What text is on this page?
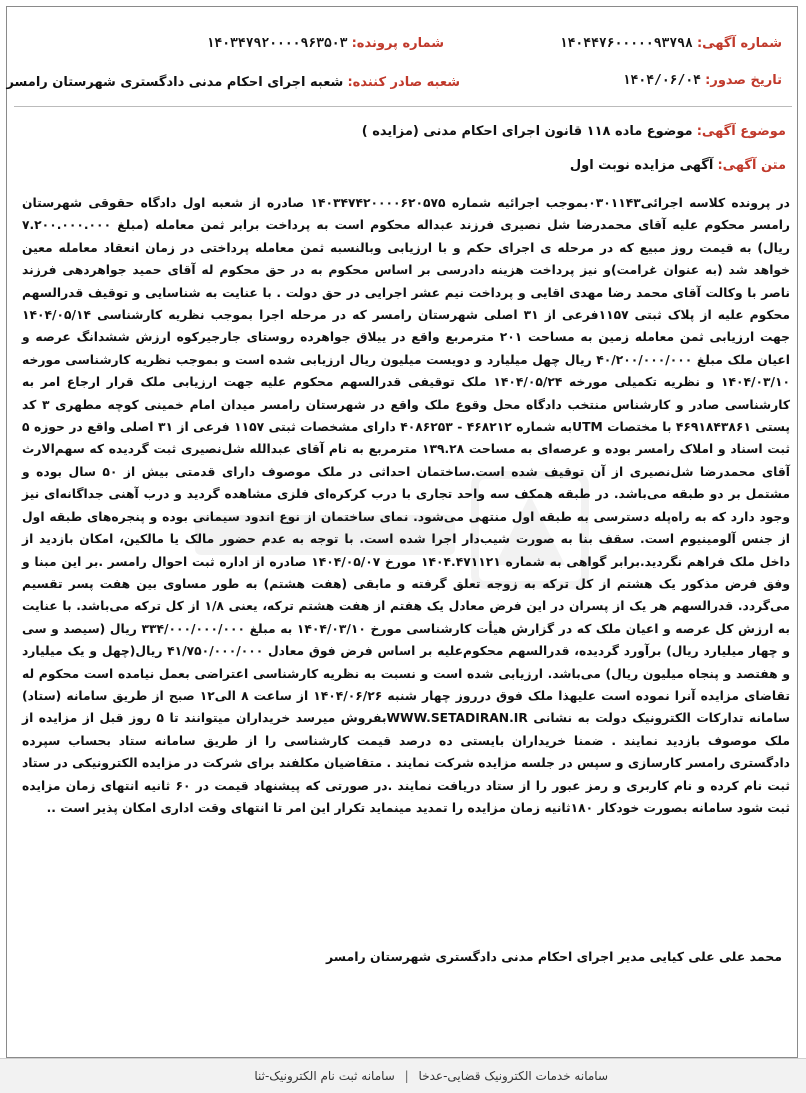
شماره آگهی: ۱۴۰۴۴۷۶۰۰۰۰۰۹۳۷۹۸
شماره پرونده: ۱۴۰۳۴۷۹۲۰۰۰۰۹۶۳۵۰۳
تاریخ صدور: ۱۴۰۴/۰۶/۰۴
شعبه صادر کننده: شعبه اجرای احکام مدنی دادگستری شهرستان رامسر
موضوع آگهی: موضوع ماده ۱۱۸ قانون اجرای احکام مدنی (مزایده )
متن آگهی: آگهی مزایده نوبت اول
در پرونده کلاسه اجرائی۰۳۰۱۱۴۳بموجب اجرائیه شماره ۱۴۰۳۴۷۴۲۰۰۰۰۶۲۰۵۷۵ صادره از شعبه اول دادگاه حقوقی شهرستان رامسر محکوم علیه آقای محمدرضا شل نصیری فرزند عبداله محکوم است به پرداخت برابر ثمن معامله (مبلغ ۷.۲۰۰.۰۰۰.۰۰۰ ریال) به قیمت روز مبیع که در مرحله ی اجرای حکم و با ارزیابی وبالنسبه ثمن معامله پرداختی در زمان انعقاد معامله معین خواهد شد (به عنوان غرامت)و نیز پرداخت هزینه دادرسی بر اساس محکوم به در حق محکوم له آقای حمید جواهردهی فرزند ناصر با وکالت آقای محمد رضا مهدی اقایی و پرداخت نیم عشر اجرایی در حق دولت . با عنایت به شناسایی و توقیف قدرالسهم محکوم علیه از پلاک ثبتی ۱۱۵۷فرعی از ۳۱ اصلی شهرستان رامسر که در مرحله اجرا بموجب نظریه کارشناسی ۱۴۰۴/۰۵/۱۴ جهت ارزیابی ثمن معامله زمین به مساحت ۲۰۱ مترمربع واقع در ییلاق جواهرده روستای جارجیرکوه ارزش ششدانگ عرصه و اعیان ملک مبلغ ۴۰/۲۰۰/۰۰۰/۰۰۰ ریال چهل میلیارد و دویست میلیون ریال ارزیابی شده است و بموجب نظریه کارشناسی مورخه ۱۴۰۴/۰۳/۱۰ و نظریه تکمیلی مورخه ۱۴۰۴/۰۵/۲۴ ملک توقیفی قدرالسهم محکوم علیه جهت ارزیابی ملک قرار ارجاع امر به کارشناسی صادر و کارشناس منتخب دادگاه محل وقوع ملک واقع در شهرستان رامسر میدان امام خمینی کوچه مطهری ۳ کد پستی ۴۶۹۱۸۴۳۸۶۱ با مختصات UTMبه شماره ۴۶۸۲۱۲ - ۴۰۸۶۲۵۳ دارای مشخصات ثبتی ۱۱۵۷ فرعی از ۳۱ اصلی واقع در حوزه ۵ ثبت اسناد و املاک رامسر بوده و عرصه‌ای به مساحت ۱۳۹.۲۸ مترمربع به نام آقای عبدالله شل‌نصیری ثبت گردیده که سهم‌الارث آقای محمدرضا شل‌نصیری از آن توقیف شده است.ساختمان احداثی در ملک موصوف دارای قدمتی بیش از ۵۰ سال بوده و مشتمل بر دو طبقه می‌باشد. در طبقه همکف سه واحد تجاری با درب کرکره‌ای فلزی مشاهده گردید و درب آهنی جداگانه‌ای نیز وجود دارد که به راه‌پله دسترسی به طبقه اول منتهی می‌شود. نمای ساختمان از نوع اندود سیمانی بوده و پنجره‌های طبقه اول از جنس آلومینیوم است. سقف بنا به صورت شیب‌دار اجرا شده است. با توجه به عدم حضور مالک یا مالکین، امکان بازدید از داخل ملک فراهم نگردید.برابر گواهی به شماره ۱۴۰۴.۴۷۱۱۲۱ مورخ ۱۴۰۴/۰۵/۰۷ صادره از اداره ثبت احوال رامسر .بر این مبنا و وفق فرض مذکور یک هشتم از کل ترکه به زوجه تعلق گرفته و مابقی (هفت هشتم) به طور مساوی بین هفت پسر تقسیم می‌گردد. قدرالسهم هر یک از پسران در این فرض معادل یک هفتم از هفت هشتم ترکه، یعنی ۱/۸ از کل ترکه می‌باشد. با عنایت به ارزش کل عرصه و اعیان ملک که در گزارش هیأت کارشناسی مورخ ۱۴۰۴/۰۳/۱۰ به مبلغ ۳۳۴/۰۰۰/۰۰۰/۰۰۰ ریال (سیصد و سی و چهار میلیارد ریال) برآورد گردیده، قدرالسهم محکوم‌علیه بر اساس فرض فوق معادل ۴۱/۷۵۰/۰۰۰/۰۰۰ ریال(چهل و یک میلیارد و هفتصد و پنجاه میلیون ریال) می‌باشد. ارزیابی شده است و نسبت به نظریه کارشناسی اعتراضی بعمل نیامده است محکوم له تقاضای مزایده آنرا نموده است علیهذا ملک فوق درروز چهار شنبه ۱۴۰۴/۰۶/۲۶ از ساعت ۸ الی۱۲ صبح از طریق سامانه (ستاد) سامانه تدارکات الکترونیک دولت به نشانی WWW.SETADIRAN.IRبفروش میرسد خریداران میتوانند تا ۵ روز قبل از مزایده از ملک موصوف بازدید نمایند . ضمنا خریداران بایستی ده درصد قیمت کارشناسی را از طریق سامانه ستاد بحساب سپرده دادگستری رامسر کارسازی و سپس در جلسه مزایده شرکت نمایند . متقاضیان مکلفند برای شرکت در مزایده الکترونیکی در ستاد ثبت نام کرده و نام کاربری و رمز عبور را از ستاد دریافت نمایند .در صورتی که پیشنهاد قیمت در ۶۰ ثانیه انتهای زمان مزایده ثبت شود سامانه بصورت خودکار ۱۸۰ثانیه زمان مزایده را تمدید مینماید تکرار این امر تا انتهای وقت اداری امکان پذیر است ..
محمد علی علی کیایی مدیر اجرای احکام مدنی دادگستری شهرستان رامسر
سامانه خدمات الکترونیک قضایی-عدخا | سامانه ثبت نام الکترونیک-ثنا
